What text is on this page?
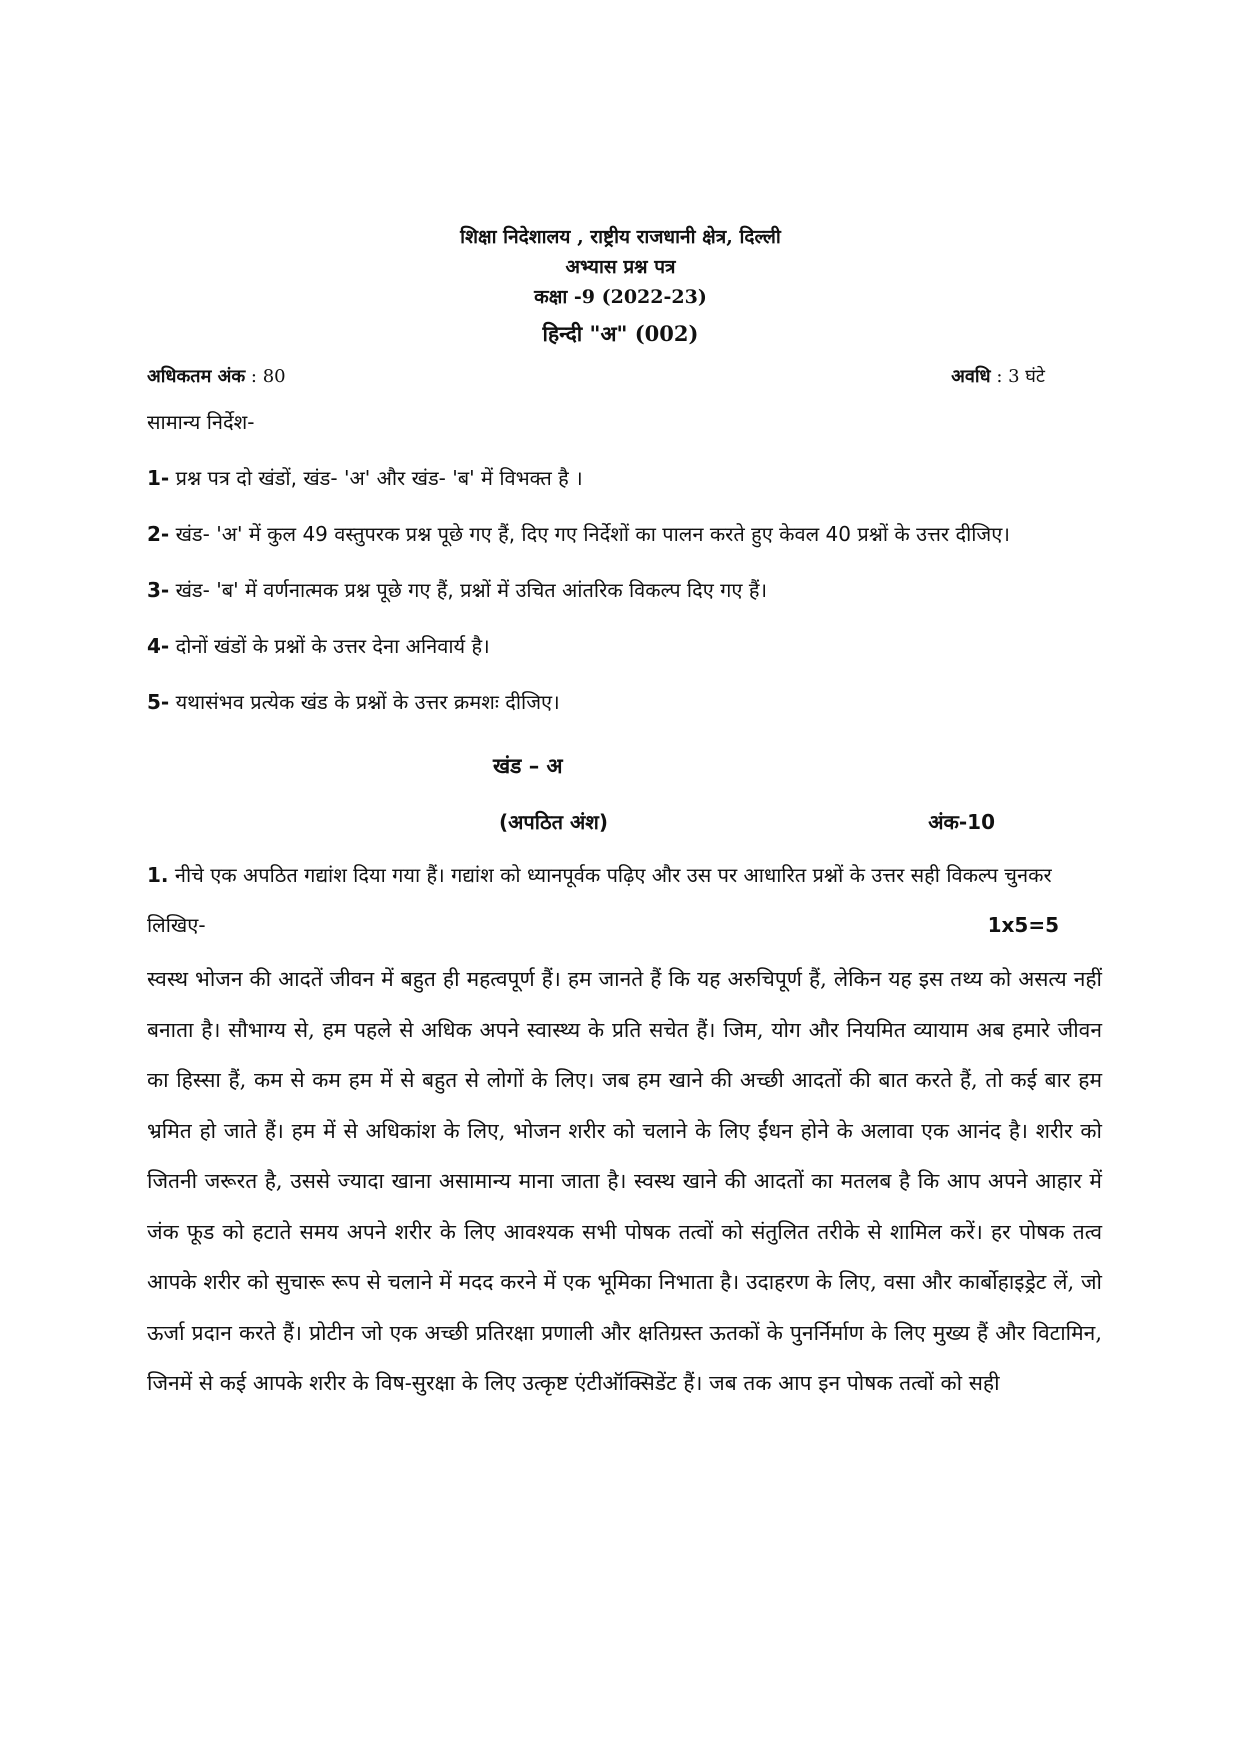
शिक्षा निदेशालय , राष्ट्रीय राजधानी क्षेत्र, दिल्ली
अभ्यास प्रश्न पत्र
कक्षा -9 (2022-23)
हिन्दी "अ" (002)
अधिकतम अंक : 80	अवधि : 3 घंटे
सामान्य निर्देश-
1- प्रश्न पत्र दो खंडों, खंड- 'अ' और खंड- 'ब' में विभक्त है ।
2- खंड- 'अ' में कुल 49 वस्तुपरक प्रश्न पूछे गए हैं, दिए गए निर्देशों का पालन करते हुए केवल 40 प्रश्नों के उत्तर दीजिए।
3- खंड- 'ब' में वर्णनात्मक प्रश्न पूछे गए हैं, प्रश्नों में उचित आंतरिक विकल्प दिए गए हैं।
4- दोनों खंडों के प्रश्नों के उत्तर देना अनिवार्य है।
5- यथासंभव प्रत्येक खंड के प्रश्नों के उत्तर क्रमशः दीजिए।
खंड – अ
(अपठित अंश)	अंक-10
1. नीचे एक अपठित गद्यांश दिया गया हैं। गद्यांश को ध्यानपूर्वक पढ़िए और उस पर आधारित प्रश्नों के उत्तर सही विकल्प चुनकर लिखिए-	1x5=5
स्वस्थ भोजन की आदतें जीवन में बहुत ही महत्वपूर्ण हैं। हम जानते हैं कि यह अरुचिपूर्ण हैं, लेकिन यह इस तथ्य को असत्य नहीं बनाता है। सौभाग्य से, हम पहले से अधिक अपने स्वास्थ्य के प्रति सचेत हैं। जिम, योग और नियमित व्यायाम अब हमारे जीवन का हिस्सा हैं, कम से कम हम में से बहुत से लोगों के लिए। जब हम खाने की अच्छी आदतों की बात करते हैं, तो कई बार हम भ्रमित हो जाते हैं। हम में से अधिकांश के लिए, भोजन शरीर को चलाने के लिए ईंधन होने के अलावा एक आनंद है। शरीर को जितनी जरूरत है, उससे ज्यादा खाना असामान्य माना जाता है। स्वस्थ खाने की आदतों का मतलब है कि आप अपने आहार में जंक फूड को हटाते समय अपने शरीर के लिए आवश्यक सभी पोषक तत्वों को संतुलित तरीके से शामिल करें। हर पोषक तत्व आपके शरीर को सुचारू रूप से चलाने में मदद करने में एक भूमिका निभाता है। उदाहरण के लिए, वसा और कार्बोहाइड्रेट लें, जो ऊर्जा प्रदान करते हैं। प्रोटीन जो एक अच्छी प्रतिरक्षा प्रणाली और क्षतिग्रस्त ऊतकों के पुनर्निर्माण के लिए मुख्य हैं और विटामिन, जिनमें से कई आपके शरीर के विष-सुरक्षा के लिए उत्कृष्ट एंटीऑक्सिडेंट हैं। जब तक आप इन पोषक तत्वों को सही
